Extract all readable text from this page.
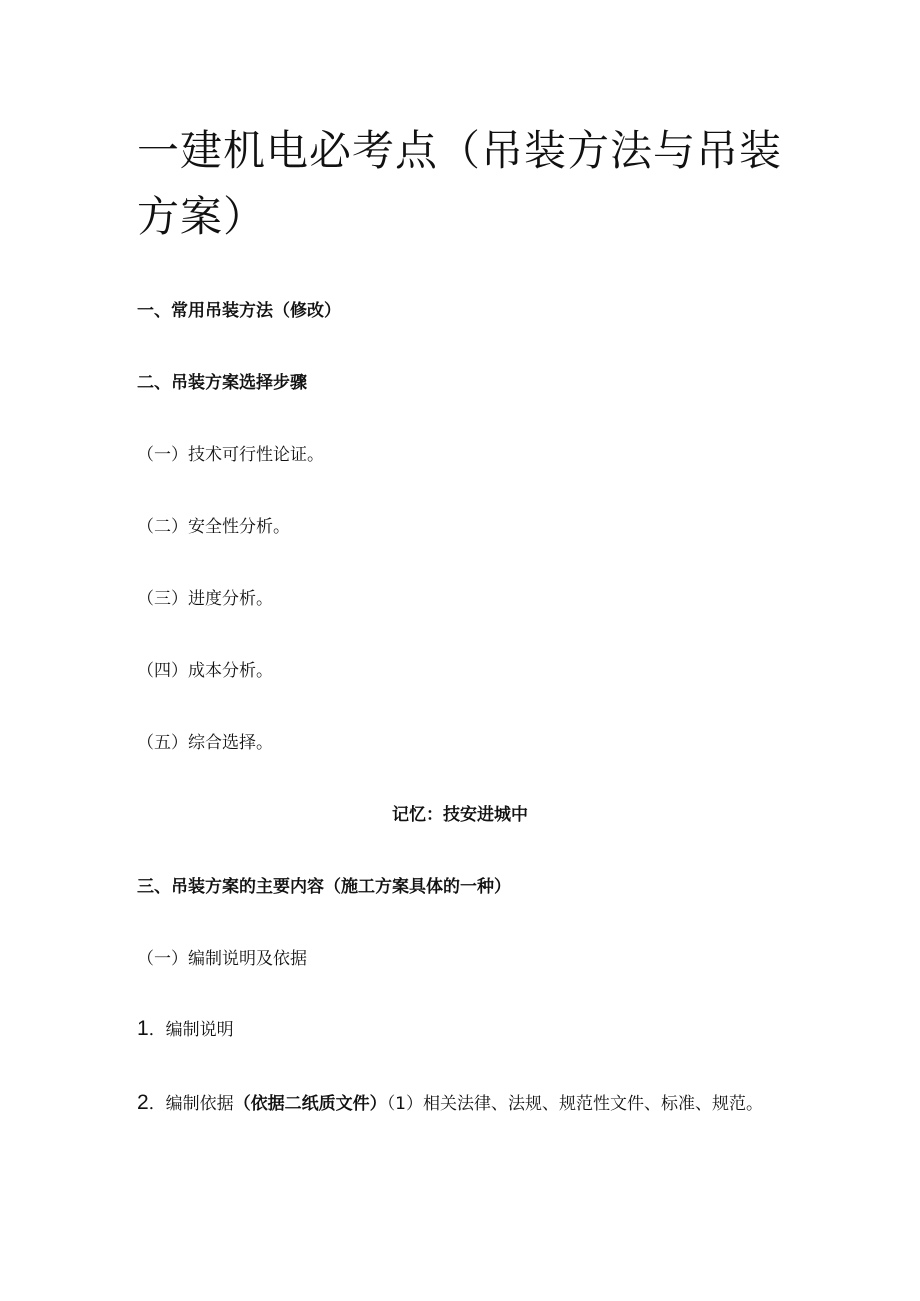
一建机电必考点（吊装方法与吊装方案）
一、常用吊装方法（修改）
二、吊装方案选择步骤
（一）技术可行性论证。
（二）安全性分析。
（三）进度分析。
（四）成本分析。
（五）综合选择。
记忆：技安进城中
三、吊装方案的主要内容（施工方案具体的一种）
（一）编制说明及依据
1．编制说明
2．编制依据（依据二纸质文件）（1）相关法律、法规、规范性文件、标准、规范。
